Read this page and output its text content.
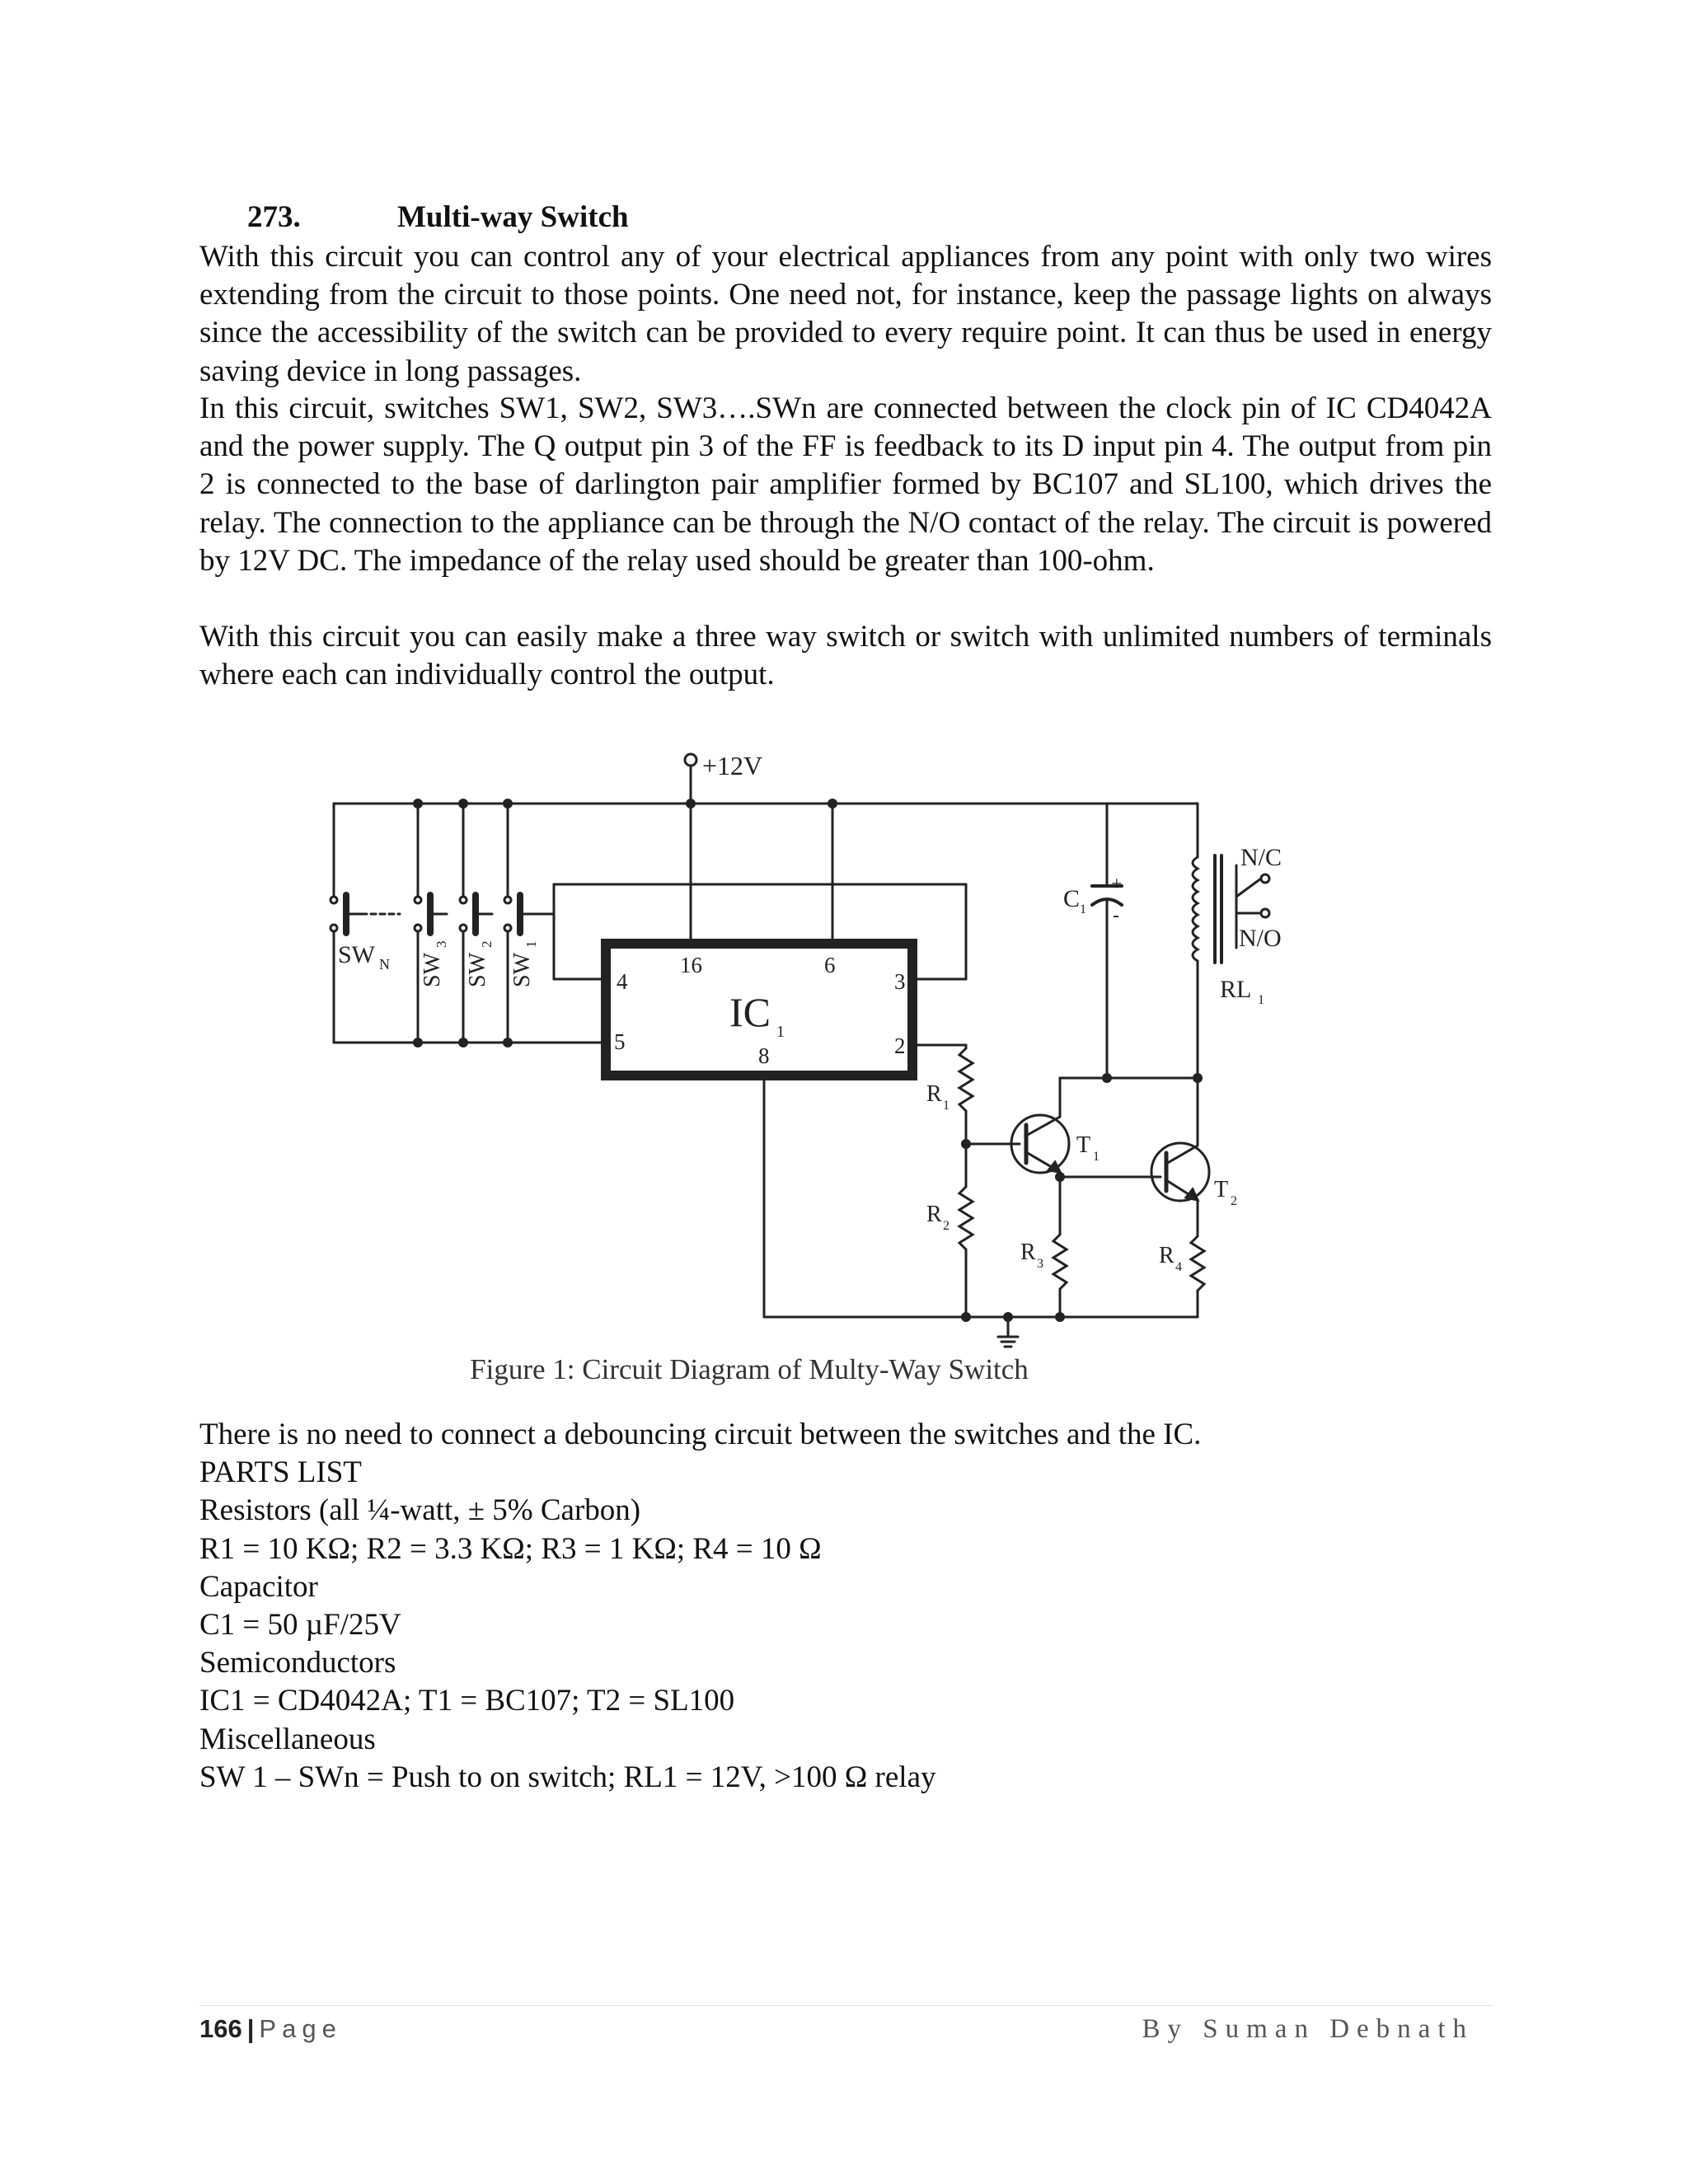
273.	Multi-way Switch

With this circuit you can control any of your electrical appliances from any point with only two wires extending from the circuit to those points. One need not, for instance, keep the passage lights on always since the accessibility of the switch can be provided to every require point. It can thus be used in energy saving device in long passages.

In this circuit, switches SW1, SW2, SW3….SWn are connected between the clock pin of IC CD4042A and the power supply. The Q output pin 3 of the FF is feedback to its D input pin 4. The output from pin 2 is connected to the base of darlington pair amplifier formed by BC107 and SL100, which drives the relay. The connection to the appliance can be through the N/O contact of the relay. The circuit is powered by 12V DC. The impedance of the relay used should be greater than 100-ohm.

With this circuit you can easily make a three way switch or switch with unlimited numbers of terminals where each can individually control the output.

+12V
SW N SW
3
SW
2
SW
1
4
16	6
3
5
8	2
IC 1
R 1
R 2
T 1
T 2
R 3	R 4
C 1
+
-
N/C
N/O
RL 1
Figure 1: Circuit Diagram of Multy-Way Switch
There is no need to connect a debouncing circuit between the switches and the IC.
PARTS LIST
Resistors (all ¼-watt, ± 5% Carbon)
R1 = 10 KΩ; R2 = 3.3 KΩ; R3 = 1 KΩ; R4 = 10 Ω
Capacitor
C1 = 50 µF/25V
Semiconductors
IC1 = CD4042A; T1 = BC107; T2 = SL100
Miscellaneous
SW 1 – SWn = Push to on switch; RL1 = 12V, >100 Ω relay
166 | Page	By Suman Debnath
